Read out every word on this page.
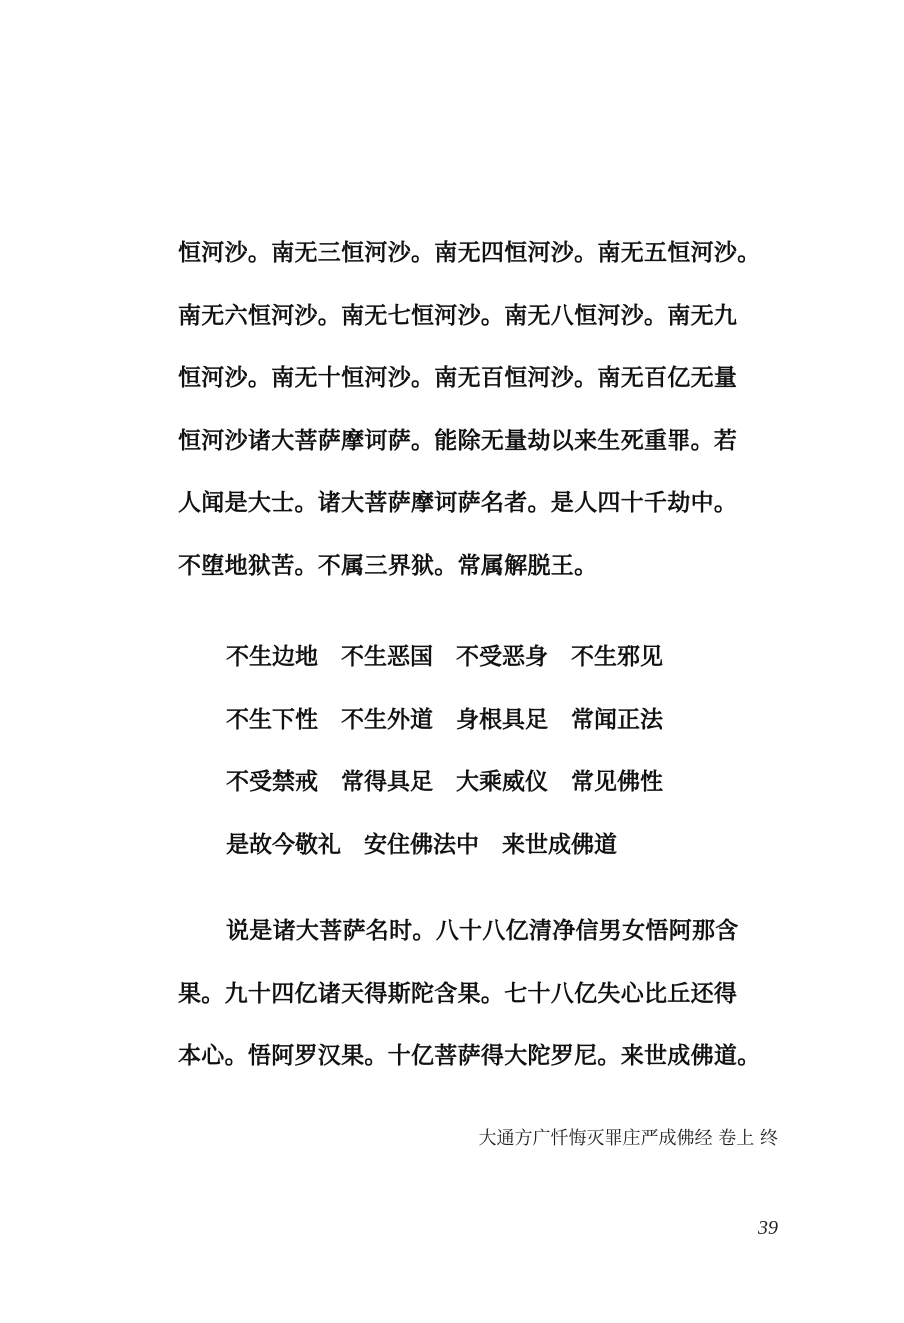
恒河沙。南无三恒河沙。南无四恒河沙。南无五恒河沙。
南无六恒河沙。南无七恒河沙。南无八恒河沙。南无九
恒河沙。南无十恒河沙。南无百恒河沙。南无百亿无量
恒河沙诸大菩萨摩诃萨。能除无量劫以来生死重罪。若
人闻是大士。诸大菩萨摩诃萨名者。是人四十千劫中。
不堕地狱苦。不属三界狱。常属解脱王。
不生边地 不生恶国 不受恶身 不生邪见
不生下性 不生外道 身根具足 常闻正法
不受禁戒 常得具足 大乘威仪 常见佛性
是故今敬礼 安住佛法中 来世成佛道
说是诸大菩萨名时。八十八亿清净信男女悟阿那含
果。九十四亿诸天得斯陀含果。七十八亿失心比丘还得
本心。悟阿罗汉果。十亿菩萨得大陀罗尼。来世成佛道。
大通方广忏悔灭罪庄严成佛经 卷上 终
39
